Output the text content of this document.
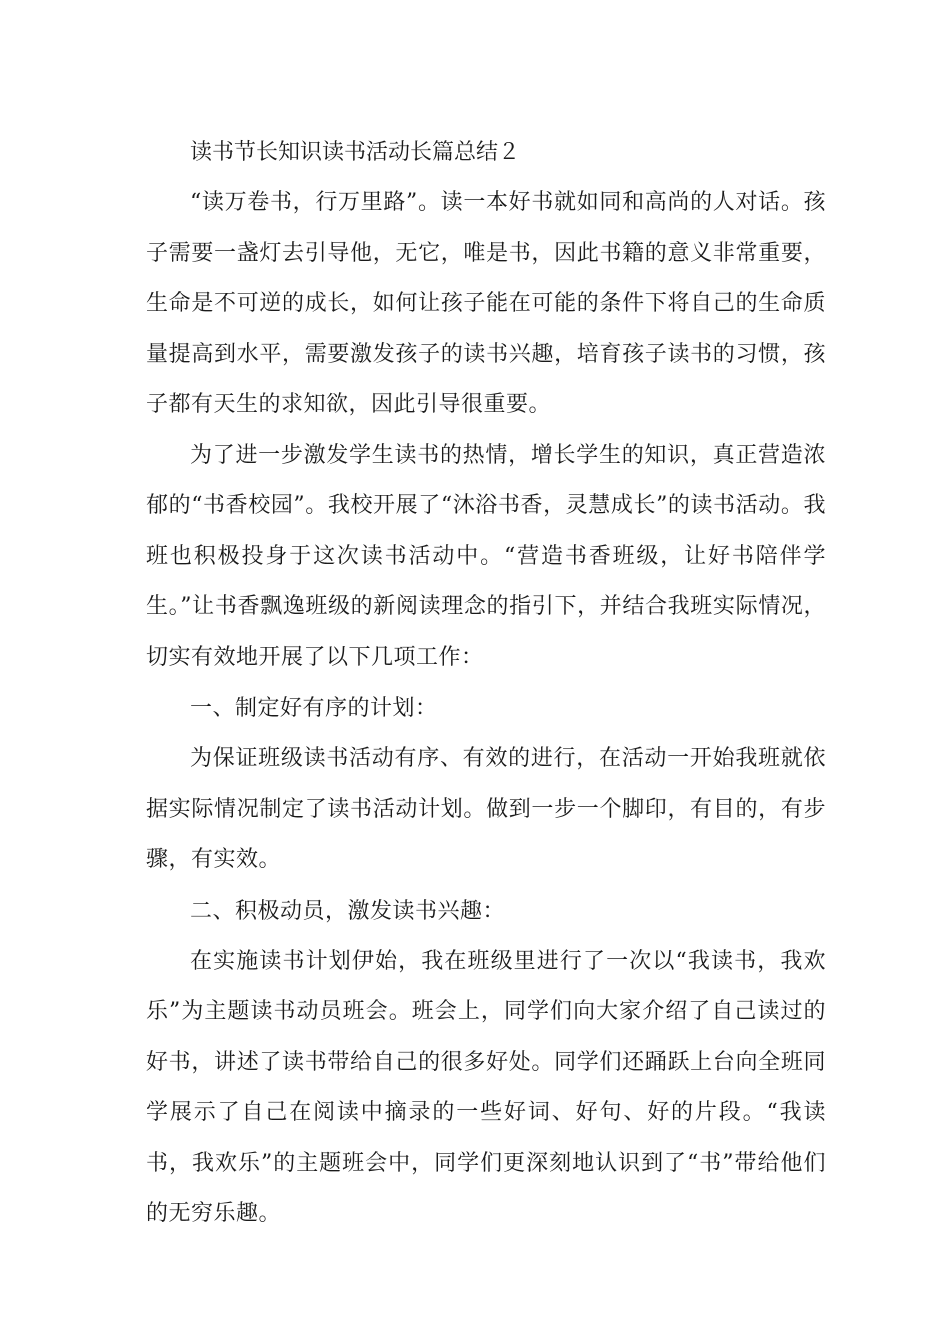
读书节长知识读书活动长篇总结２

“读万卷书，行万里路”。读一本好书就如同和高尚的人对话。孩子需要一盏灯去引导他，无它，唯是书，因此书籍的意义非常重要，生命是不可逆的成长，如何让孩子能在可能的条件下将自己的生命质量提高到水平，需要激发孩子的读书兴趣，培育孩子读书的习惯，孩子都有天生的求知欲，因此引导很重要。

为了进一步激发学生读书的热情，增长学生的知识，真正营造浓郁的“书香校园”。我校开展了“沐浴书香，灵慧成长”的读书活动。我班也积极投身于这次读书活动中。“营造书香班级，让好书陪伴学生。”让书香飘逸班级的新阅读理念的指引下，并结合我班实际情况，切实有效地开展了以下几项工作：

一、制定好有序的计划：

为保证班级读书活动有序、有效的进行，在活动一开始我班就依据实际情况制定了读书活动计划。做到一步一个脚印，有目的，有步骤，有实效。

二、积极动员，激发读书兴趣：

在实施读书计划伊始，我在班级里进行了一次以“我读书，我欢乐”为主题读书动员班会。班会上，同学们向大家介绍了自己读过的好书，讲述了读书带给自己的很多好处。同学们还踊跃上台向全班同学展示了自己在阅读中摘录的一些好词、好句、好的片段。“我读书，我欢乐”的主题班会中，同学们更深刻地认识到了“书”带给他们的无穷乐趣。
